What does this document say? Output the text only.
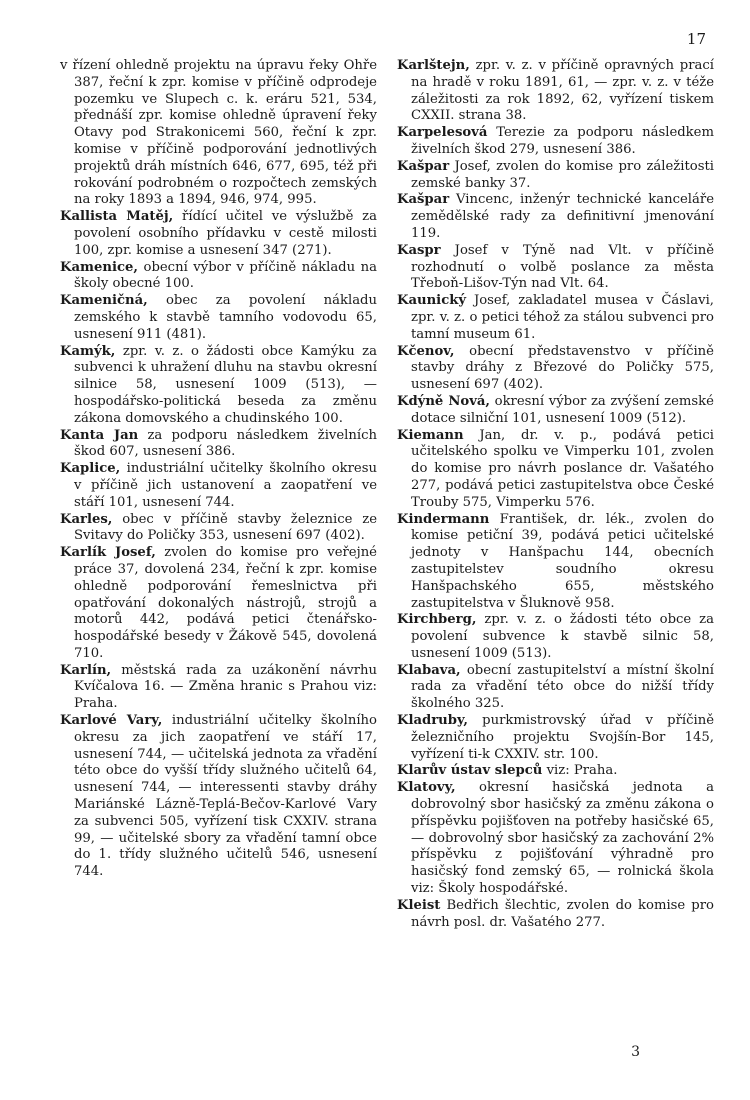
17

v řízení ohledně projektu na úpravu řeky Ohře 387, řeční k zpr. komise v příčině odprodeje pozemku ve Slupech c. k. eráru 521, 534, přednáší zpr. komise ohledně úpravení řeky Otavy pod Strakonicemi 560, řeční k zpr. komise v příčině podporování jednotlivých projektů dráh místních 646, 677, 695, též při rokování podrobném o rozpočtech zemských na roky 1893 a 1894, 946, 974, 995.

Kallista Matěj, řídící učitel ve výslužbě za povolení osobního přídavku v cestě milosti 100, zpr. komise a usnesení 347 (271).

Kamenice, obecní výbor v příčině nákladu na školy obecné 100.

Kameničná, obec za povolení nákladu zemského k stavbě tamního vodovodu 65, usnesení 911 (481).

Kamýk, zpr. v. z. o žádosti obce Kamýku za subvenci k uhražení dluhu na stavbu okresní silnice 58, usnesení 1009 (513), — hospodářsko-politická beseda za změnu zákona domovského a chudinského 100.

Kanta Jan za podporu následkem živelních škod 607, usnesení 386.

Kaplice, industriální učitelky školního okresu v příčině jich ustanovení a zaopatření ve stáří 101, usnesení 744.

Karles, obec v příčině stavby železnice ze Svitavy do Poličky 353, usnesení 697 (402).

Karlík Josef, zvolen do komise pro veřejné práce 37, dovolená 234, řeční k zpr. komise ohledně podporování řemeslnictva při opatřování dokonalých nástrojů, strojů a motorů 442, podává petici čtenářsko-hospodářské besedy v Žákově 545, dovolená 710.

Karlín, městská rada za uzákonění návrhu Kvíčalova 16. — Změna hranic s Prahou viz: Praha.

Karlové Vary, industriální učitelky školního okresu za jich zaopatření ve stáří 17, usnesení 744, — učitelská jednota za vřadění této obce do vyšší třídy služného učitelů 64, usnesení 744, — interessenti stavby dráhy Mariánské Lázně-Teplá-Bečov-Karlové Vary za subvenci 505, vyřízení tisk CXXIV. strana 99, — učitelské sbory za vřadění tamní obce do 1. třídy služného učitelů 546, usnesení 744.

Karlštejn, zpr. v. z. v příčině opravných prací na hradě v roku 1891, 61, — zpr. v. z. v téže záležitosti za rok 1892, 62, vyřízení tiskem CXXII. strana 38.

Karpelesová Terezie za podporu následkem živelních škod 279, usnesení 386.

Kašpar Josef, zvolen do komise pro záležitosti zemské banky 37.

Kašpar Vincenc, inženýr technické kanceláře zemědělské rady za definitivní jmenování 119.

Kaspr Josef v Týně nad Vlt. v příčině rozhodnutí o volbě poslance za města Třeboň-Lišov-Týn nad Vlt. 64.

Kaunický Josef, zakladatel musea v Čáslavi, zpr. v. z. o petici téhož za stálou subvenci pro tamní museum 61.

Kčenov, obecní představenstvo v příčině stavby dráhy z Březové do Poličky 575, usnesení 697 (402).

Kdýně Nová, okresní výbor za zvýšení zemské dotace silniční 101, usnesení 1009 (512).

Kiemann Jan, dr. v. p., podává petici učitelského spolku ve Vimperku 101, zvolen do komise pro návrh poslance dr. Vašatého 277, podává petici zastupitelstva obce České Trouby 575, Vimperku 576.

Kindermann František, dr. lék., zvolen do komise petiční 39, podává petici učitelské jednoty v Hanšpachu 144, obecních zastupitelstev soudního okresu Hanšpachského 655, městského zastupitelstva v Šluknově 958.

Kirchberg, zpr. v. z. o žádosti této obce za povolení subvence k stavbě silnic 58, usnesení 1009 (513).

Klabava, obecní zastupitelství a místní školní rada za vřadění této obce do nižší třídy školného 325.

Kladruby, purkmistrovský úřad v příčině železničního projektu Svojšín-Bor 145, vyřízení ti-k CXXIV. str. 100.

Klarův ústav slepců viz: Praha.

Klatovy, okresní hasičská jednota a dobrovolný sbor hasičský za změnu zákona o příspěvku pojišťoven na potřeby hasičské 65, — dobrovolný sbor hasičský za zachování 2% příspěvku z pojišťování výhradně pro hasičský fond zemský 65, — rolnická škola viz: Školy hospodářské.

Kleist Bedřich šlechtic, zvolen do komise pro návrh posl. dr. Vašatého 277.

3
